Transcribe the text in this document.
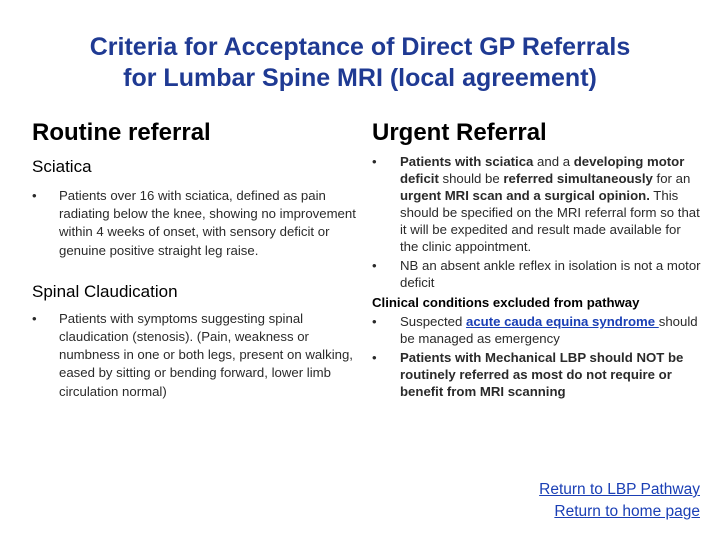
Criteria for Acceptance of Direct GP Referrals
for Lumbar Spine MRI (local agreement)
Routine referral
Sciatica
•	Patients over 16 with sciatica, defined as pain radiating below the knee, showing no improvement within 4 weeks of onset, with sensory deficit or genuine positive straight leg raise.
Spinal Claudication
•	Patients with symptoms suggesting spinal claudication (stenosis). (Pain, weakness or numbness in one or both legs, present on walking, eased by sitting or bending forward, lower limb circulation normal)
Urgent Referral
•	Patients with sciatica and a developing motor deficit should be referred simultaneously for an urgent MRI scan and a surgical opinion. This should be specified on the MRI referral form so that it will be expedited and result made available for the clinic appointment.
•	NB an absent ankle reflex in isolation is not a motor deficit
Clinical conditions excluded from pathway
•	Suspected acute cauda equina syndrome should be managed as emergency
•	Patients with Mechanical LBP should NOT be routinely referred as most do not require or benefit from MRI scanning
Return to LBP Pathway
Return to home page
